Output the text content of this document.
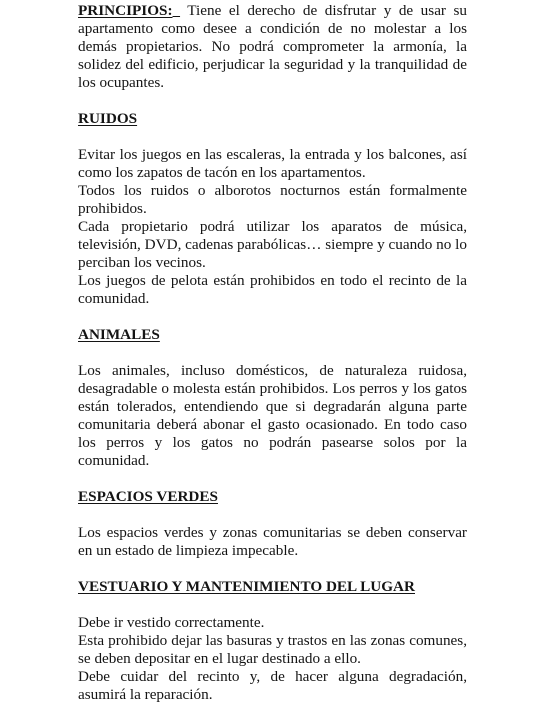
PRINCIPIOS:  Tiene el derecho de disfrutar y de usar su apartamento como desee a condición de no molestar a los demás propietarios. No podrá comprometer la armonía, la solidez del edificio, perjudicar la seguridad y la tranquilidad de los ocupantes.

RUIDOS

Evitar los juegos en las escaleras, la entrada y los balcones, así como los zapatos de tacón en los apartamentos.

Todos los ruidos o alborotos nocturnos están formalmente prohibidos.

Cada propietario podrá utilizar los aparatos de música, televisión, DVD, cadenas parabólicas… siempre y cuando no lo perciban los vecinos.

Los juegos de pelota están prohibidos en todo el recinto de la comunidad.

ANIMALES

Los animales, incluso domésticos, de naturaleza ruidosa, desagradable o molesta están prohibidos. Los perros y los gatos están tolerados, entendiendo que si degradarán alguna parte comunitaria deberá abonar el gasto ocasionado. En todo caso los perros y los gatos no podrán pasearse solos por la comunidad.

ESPACIOS VERDES

Los espacios verdes y zonas comunitarias se deben conservar en un estado de limpieza impecable.

VESTUARIO Y MANTENIMIENTO DEL LUGAR

Debe ir vestido correctamente.

Esta prohibido dejar las basuras y trastos en las zonas comunes, se deben depositar en el lugar destinado a ello.

Debe cuidar del recinto y, de hacer alguna degradación, asumirá la reparación.
